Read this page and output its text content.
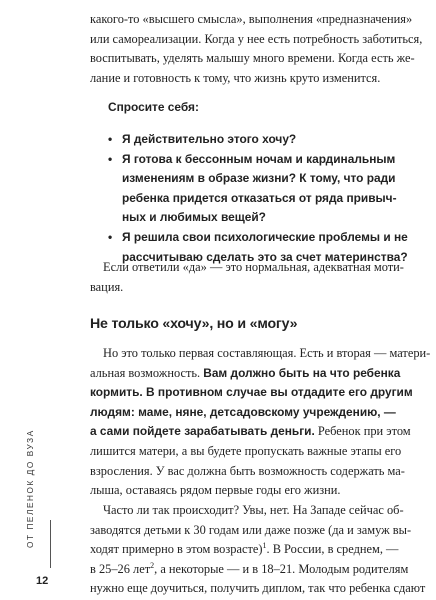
какого-то «высшего смысла», выполнения «предназначения»
или самореализации. Когда у нее есть потребность заботиться,
воспитывать, уделять малышу много времени. Когда есть же-
лание и готовность к тому, что жизнь круто изменится.
Спросите себя:
• Я действительно этого хочу?
• Я готова к бессонным ночам и кардинальным
изменениям в образе жизни? К тому, что ради
ребенка придется отказаться от ряда привыч-
ных и любимых вещей?
• Я решила свои психологические проблемы и не
рассчитываю сделать это за счет материнства?
Если ответили «да» — это нормальная, адекватная моти-
вация.
Не только «хочу», но и «могу»
Но это только первая составляющая. Есть и вторая — матери-
альная возможность. Вам должно быть на что ребенка
кормить. В противном случае вы отдадите его другим
людям: маме, няне, детсадовскому учреждению, —
а сами пойдете зарабатывать деньги. Ребенок при этом
лишится матери, а вы будете пропускать важные этапы его
взросления. У вас должна быть возможность содержать ма-
лыша, оставаясь рядом первые годы его жизни.
Часто ли так происходит? Увы, нет. На Западе сейчас об-
заводятся детьми к 30 годам или даже позже (да и замуж вы-
ходят примерно в этом возрасте)$^1$. В России, в среднем, —
в 25–26 лет$^2$, а некоторые — и в 18–21. Молодым родителям
нужно еще доучиться, получить диплом, так что ребенка сдают
ОТ ПЕЛЕНОК ДО ВУЗА
12
